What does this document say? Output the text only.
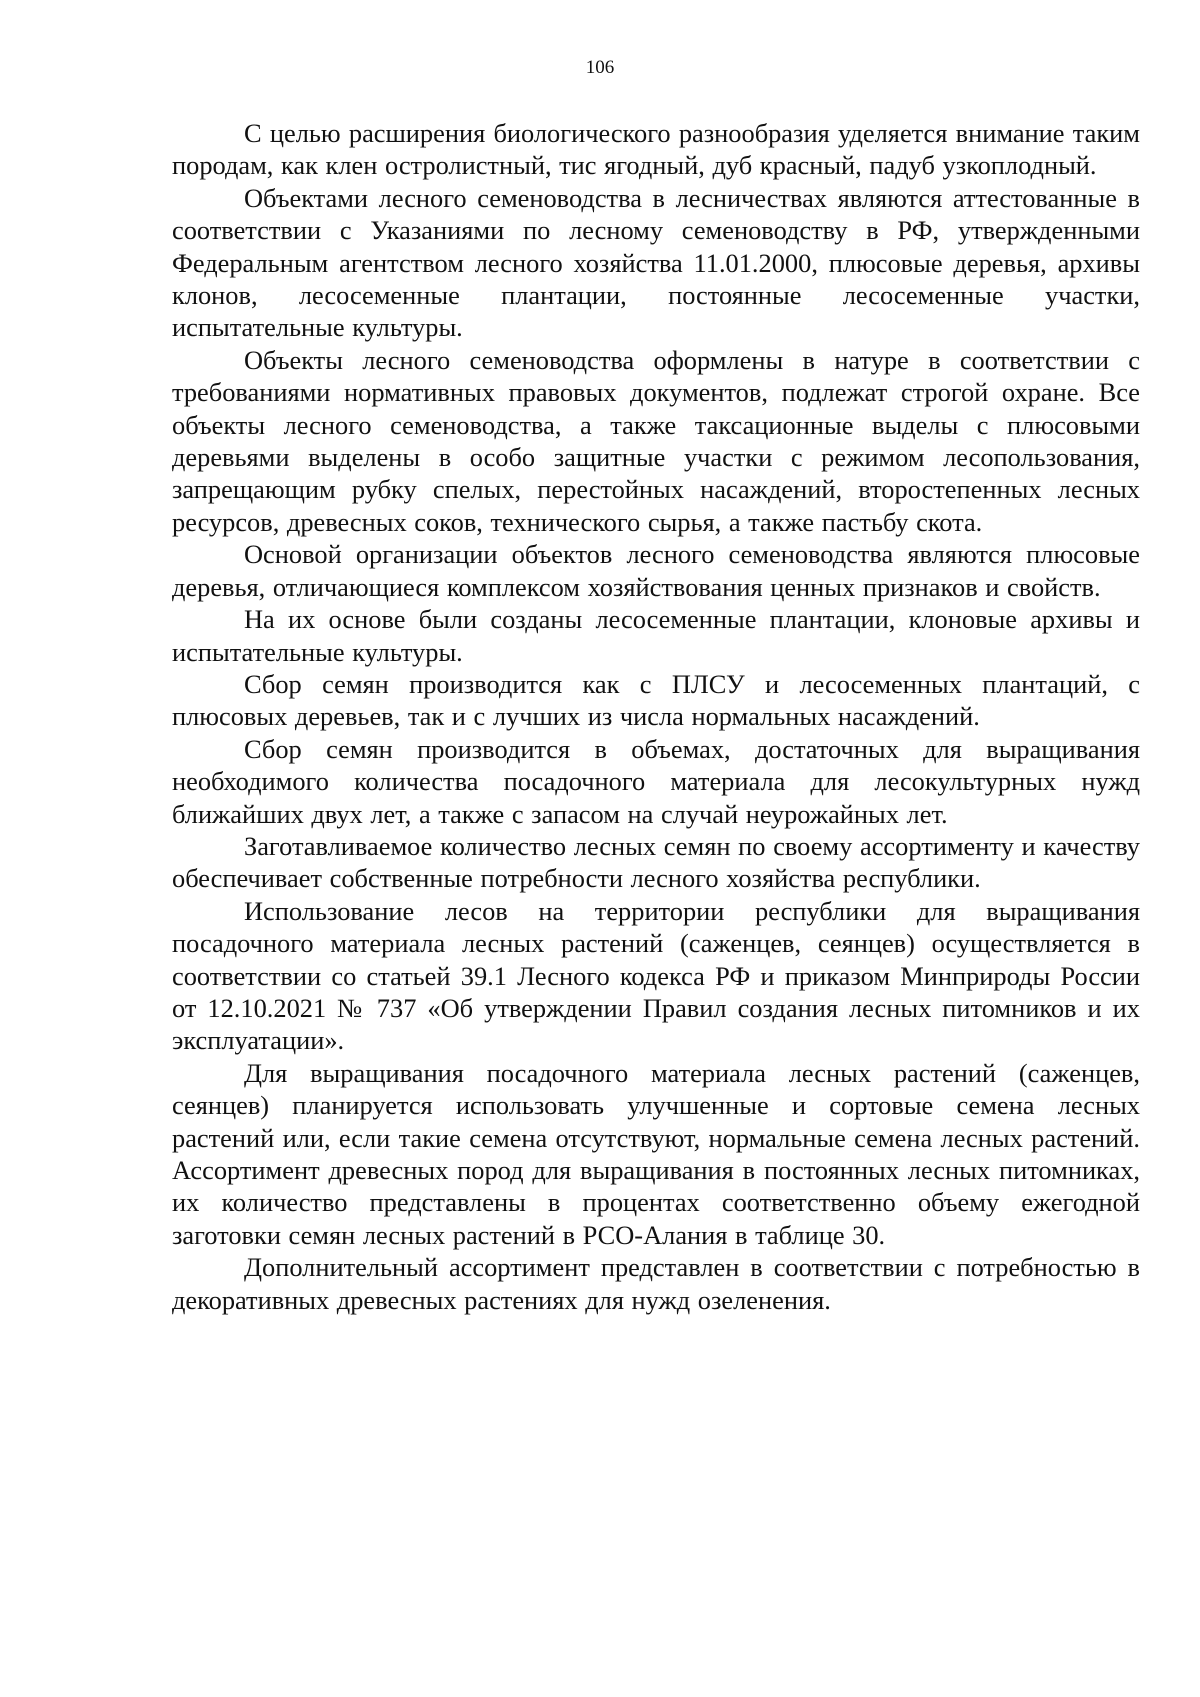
106

С целью расширения биологического разнообразия уделяется внимание таким породам, как клен остролистный, тис ягодный, дуб красный, падуб узкоплодный.

Объектами лесного семеноводства в лесничествах являются аттестованные в соответствии с Указаниями по лесному семеноводству в РФ, утвержденными Федеральным агентством лесного хозяйства 11.01.2000, плюсовые деревья, архивы клонов, лесосеменные плантации, постоянные лесосеменные участки, испытательные культуры.

Объекты лесного семеноводства оформлены в натуре в соответствии с требованиями нормативных правовых документов, подлежат строгой охране. Все объекты лесного семеноводства, а также таксационные выделы с плюсовыми деревьями выделены в особо защитные участки с режимом лесопользования, запрещающим рубку спелых, перестойных насаждений, второстепенных лесных ресурсов, древесных соков, технического сырья, а также пастьбу скота.

Основой организации объектов лесного семеноводства являются плюсовые деревья, отличающиеся комплексом хозяйствования ценных признаков и свойств.

На их основе были созданы лесосеменные плантации, клоновые архивы и испытательные культуры.

Сбор семян производится как с ПЛСУ и лесосеменных плантаций, с плюсовых деревьев, так и с лучших из числа нормальных насаждений.

Сбор семян производится в объемах, достаточных для выращивания необходимого количества посадочного материала для лесокультурных нужд ближайших двух лет, а также с запасом на случай неурожайных лет.

Заготавливаемое количество лесных семян по своему ассортименту и качеству обеспечивает собственные потребности лесного хозяйства республики.

Использование лесов на территории республики для выращивания посадочного материала лесных растений (саженцев, сеянцев) осуществляется в соответствии со статьей 39.1 Лесного кодекса РФ и приказом Минприроды России от 12.10.2021 № 737 «Об утверждении Правил создания лесных питомников и их эксплуатации».

Для выращивания посадочного материала лесных растений (саженцев, сеянцев) планируется использовать улучшенные и сортовые семена лесных растений или, если такие семена отсутствуют, нормальные семена лесных растений. Ассортимент древесных пород для выращивания в постоянных лесных питомниках, их количество представлены в процентах соответственно объему ежегодной заготовки семян лесных растений в РСО-Алания в таблице 30.

Дополнительный ассортимент представлен в соответствии с потребностью в декоративных древесных растениях для нужд озеленения.
